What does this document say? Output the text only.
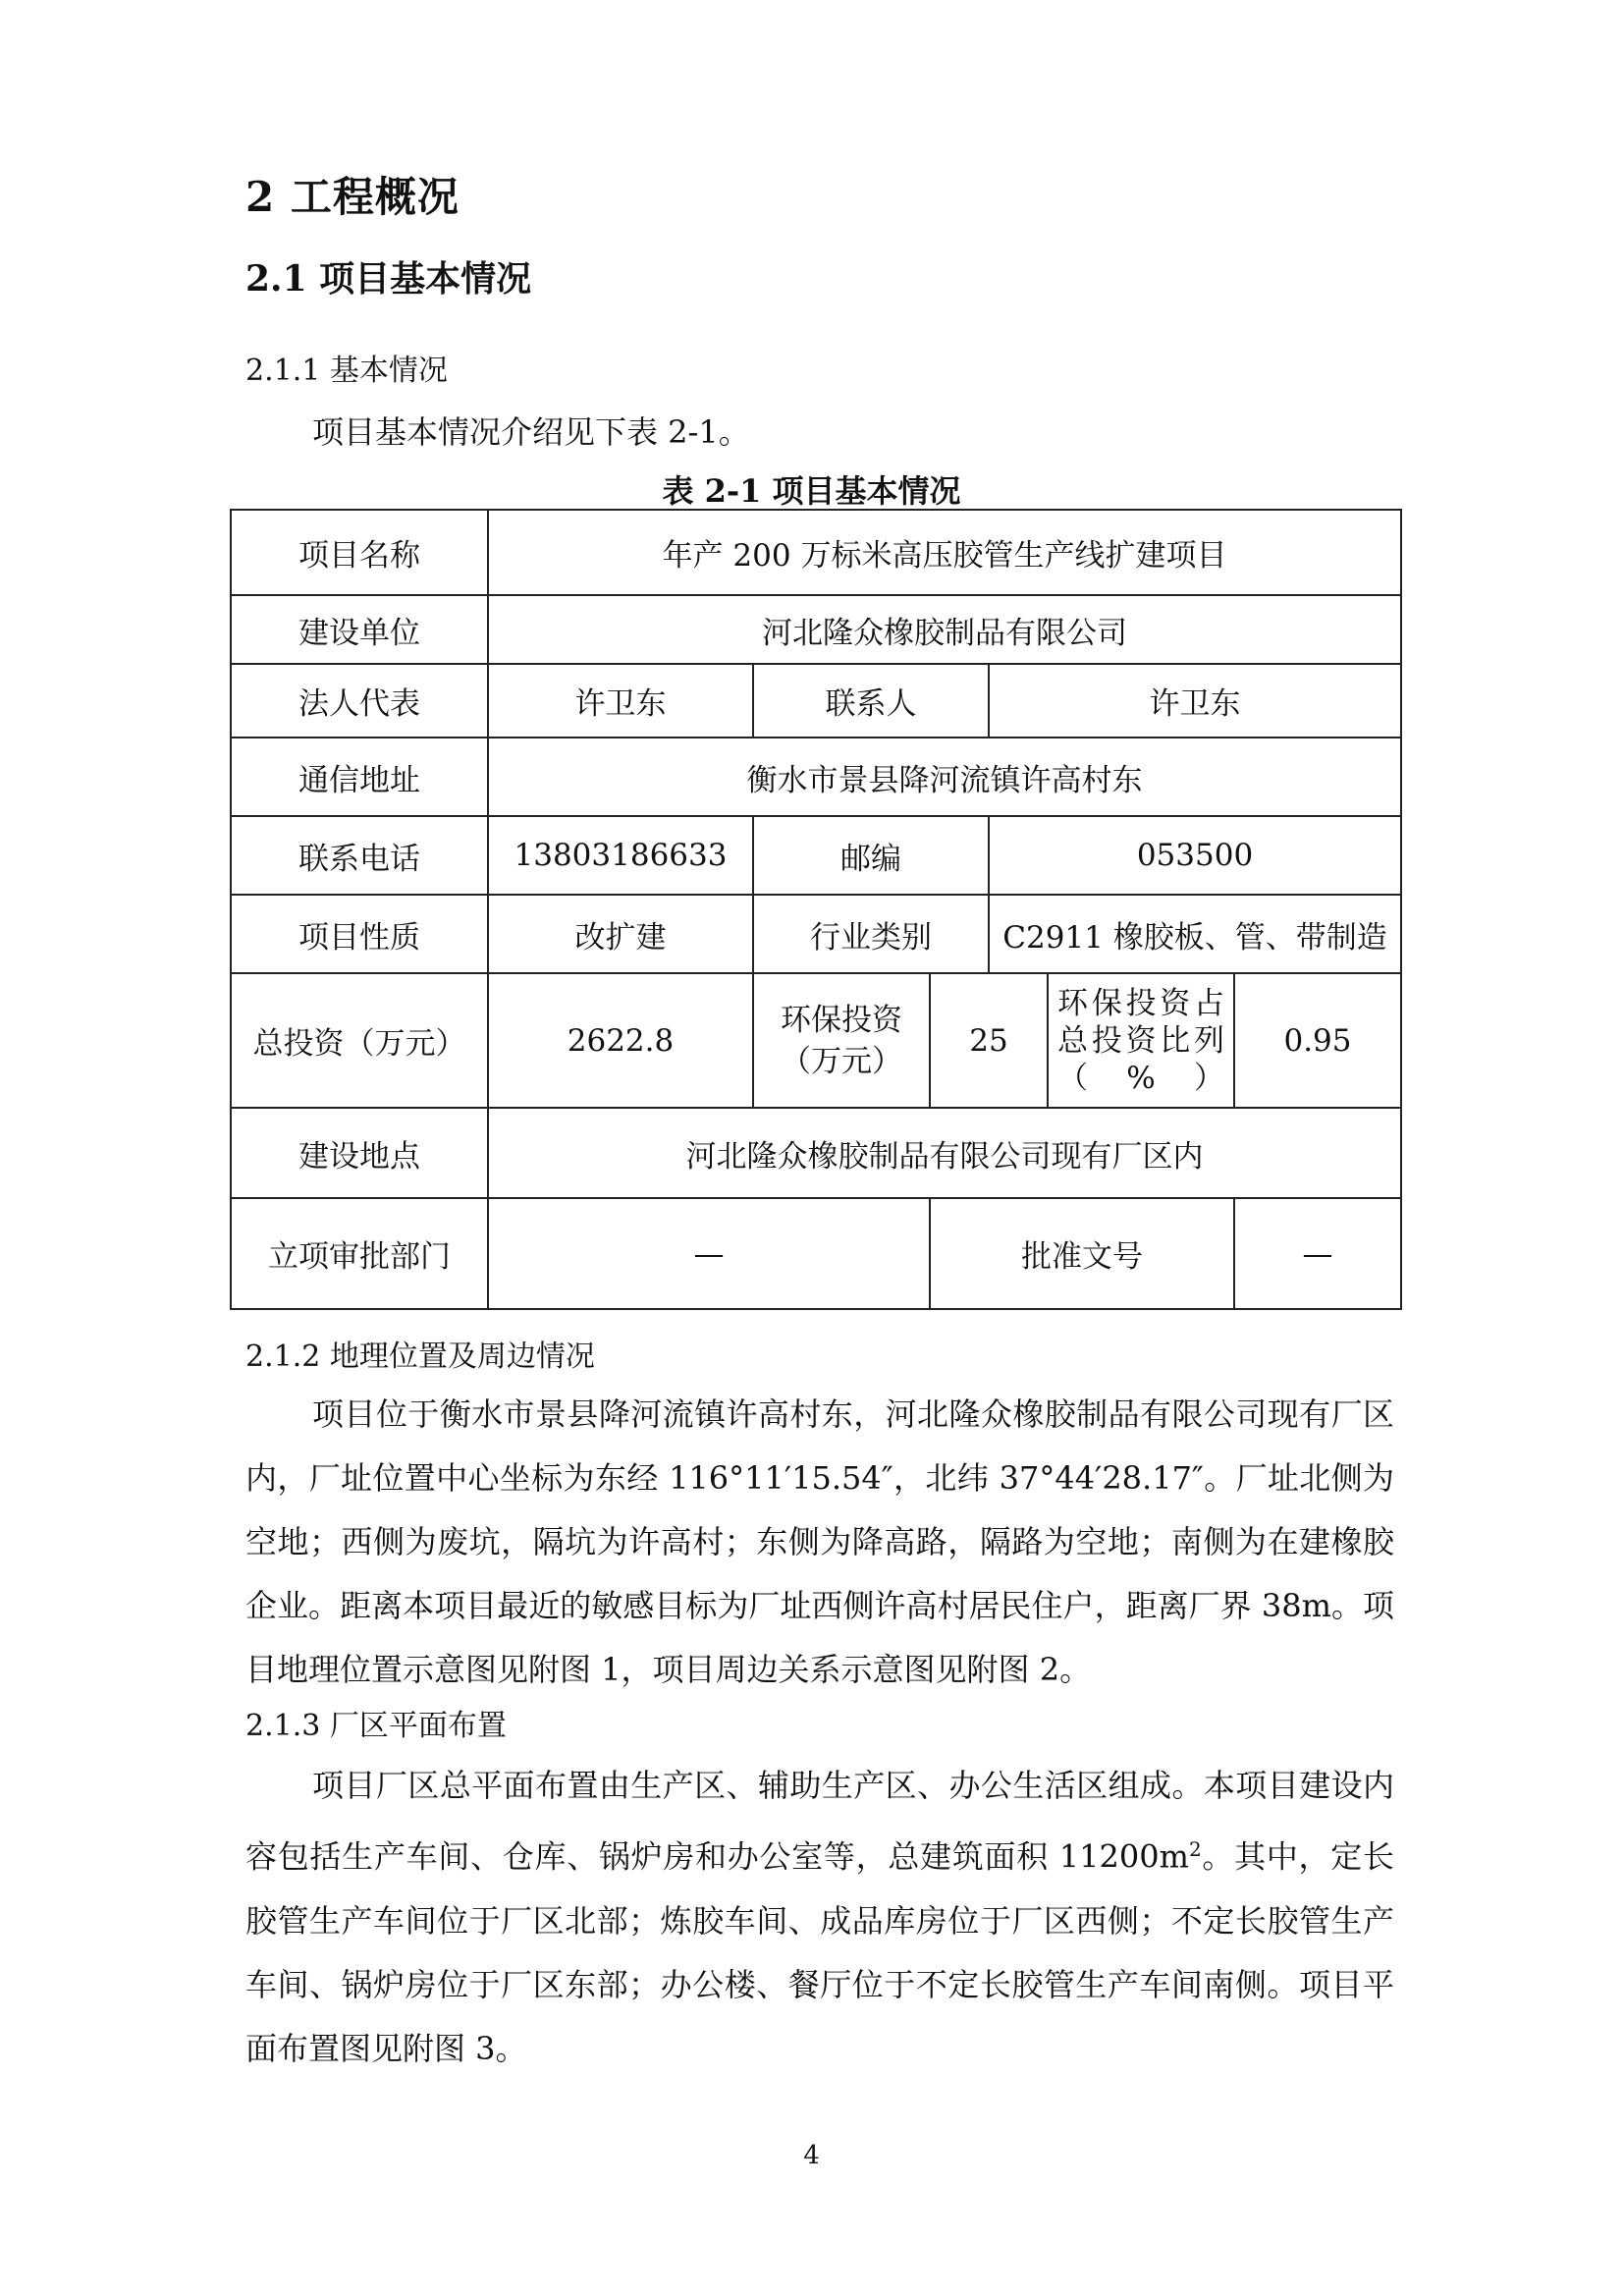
2 工程概况
2.1 项目基本情况
2.1.1 基本情况
项目基本情况介绍见下表 2-1。
表 2-1 项目基本情况
项目名称	年产 200 万标米高压胶管生产线扩建项目					
建设单位	河北隆众橡胶制品有限公司					
法人代表	许卫东	联系人		许卫东		
通信地址	衡水市景县降河流镇许高村东					
联系电话	13803186633	邮编		053500		
项目性质	改扩建	行业类别		C2911 橡胶板、管、带制造		
总投资（万元）	2622.8	环保投资（万元）	25		环保投资占总投资比列（%）	0.95
建设地点	河北隆众橡胶制品有限公司现有厂区内					
立项审批部门	—		批准文号			—
2.1.2 地理位置及周边情况
项目位于衡水市景县降河流镇许高村东，河北隆众橡胶制品有限公司现有厂区内，厂址位置中心坐标为东经 116°11′15.54″，北纬 37°44′28.17″。厂址北侧为空地；西侧为废坑，隔坑为许高村；东侧为降高路，隔路为空地；南侧为在建橡胶企业。距离本项目最近的敏感目标为厂址西侧许高村居民住户，距离厂界 38m。项目地理位置示意图见附图 1，项目周边关系示意图见附图 2。
2.1.3 厂区平面布置
项目厂区总平面布置由生产区、辅助生产区、办公生活区组成。本项目建设内容包括生产车间、仓库、锅炉房和办公室等，总建筑面积 $11200m^2$。其中，定长胶管生产车间位于厂区北部；炼胶车间、成品库房位于厂区西侧；不定长胶管生产车间、锅炉房位于厂区东部；办公楼、餐厅位于不定长胶管生产车间南侧。项目平面布置图见附图 3。
4
